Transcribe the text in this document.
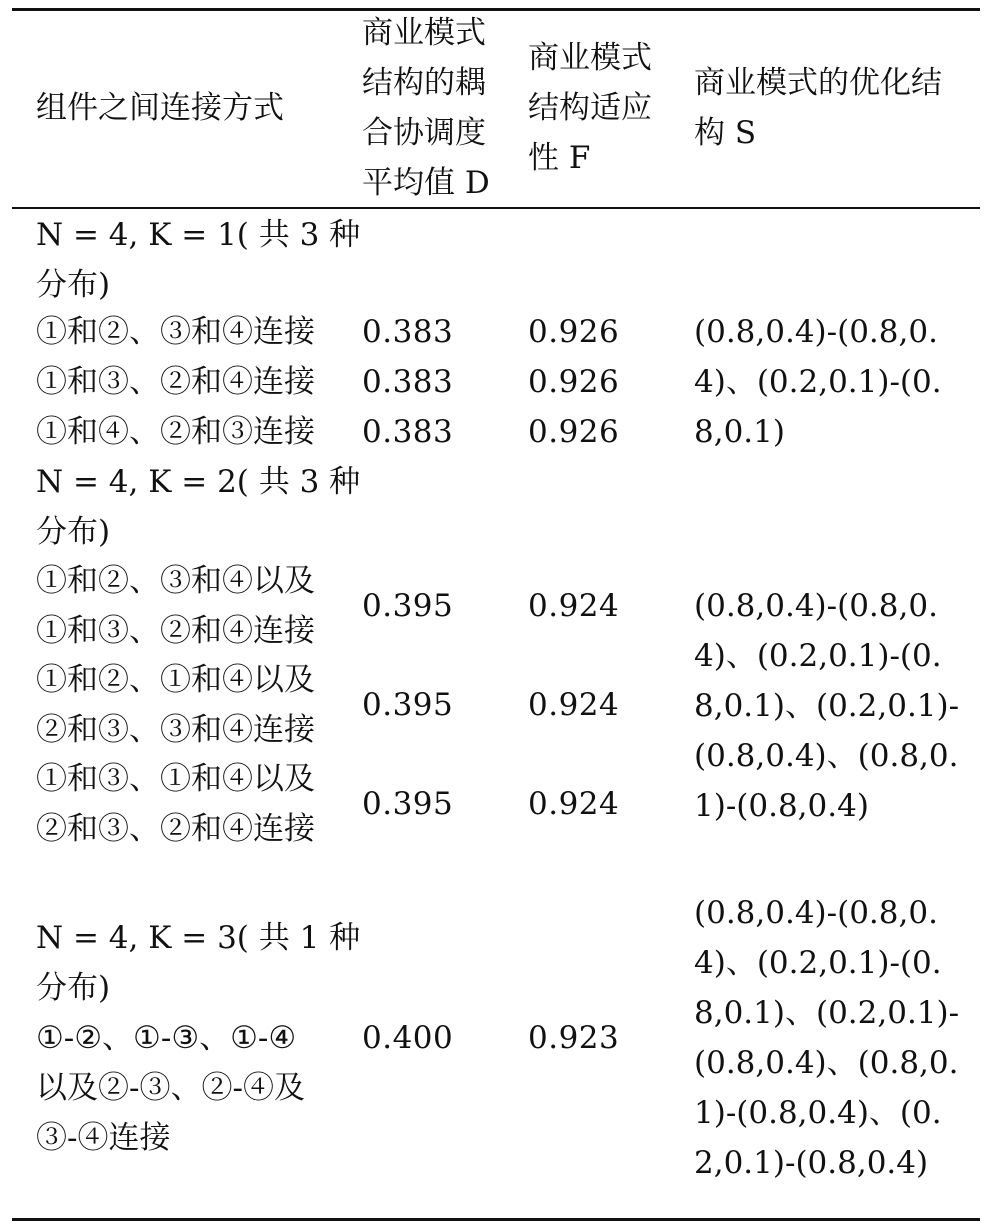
组件之间连接方式
商业模式
结构的耦
合协调度
平均值 D
商业模式
结构适应
性 F
商业模式的优化结
构 S
N = 4, K = 1( 共 3 种
分布)
①和②、③和④连接 0.383 0.926
①和③、②和④连接 0.383 0.926
①和④、②和③连接 0.383 0.926
(0.8,0.4)-(0.8,0.
4)、(0.2,0.1)-(0.
8,0.1)
N = 4, K = 2( 共 3 种
分布)
①和②、③和④以及
①和③、②和④连接
0.395 0.924
①和②、①和④以及
②和③、③和④连接
0.395 0.924
①和③、①和④以及
②和③、②和④连接
0.395 0.924
(0.8,0.4)-(0.8,0.
4)、(0.2,0.1)-(0.
8,0.1)、(0.2,0.1)-
(0.8,0.4)、(0.8,0.
1)-(0.8,0.4)
N = 4, K = 3( 共 1 种
分布)
①-②、①-③、①-④
以及②-③、②-④及
③-④连接
0.400 0.923
(0.8,0.4)-(0.8,0.
4)、(0.2,0.1)-(0.
8,0.1)、(0.2,0.1)-
(0.8,0.4)、(0.8,0.
1)-(0.8,0.4)、(0.
2,0.1)-(0.8,0.4)
